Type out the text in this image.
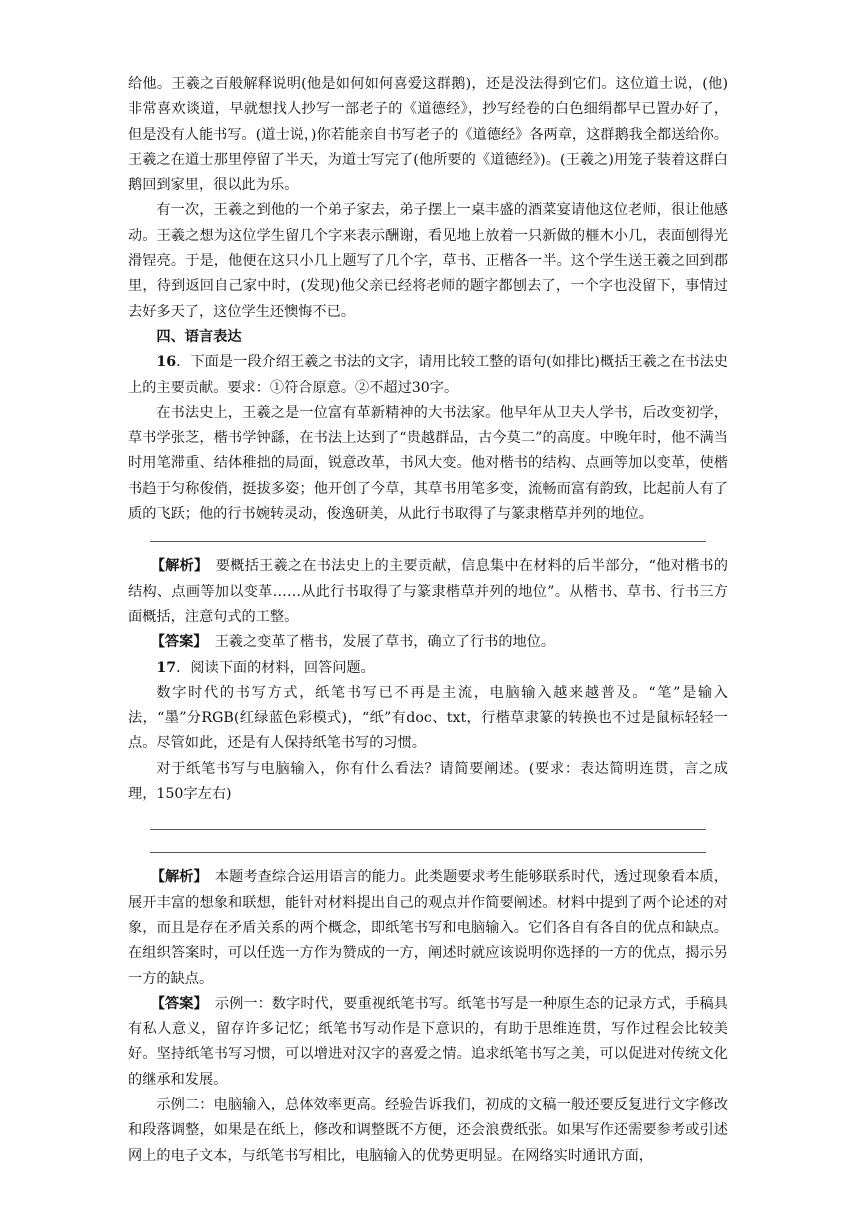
给他。王羲之百般解释说明(他是如何如何喜爱这群鹅)，还是没法得到它们。这位道士说，(他)非常喜欢谈道，早就想找人抄写一部老子的《道德经》，抄写经卷的白色细绢都早已置办好了，但是没有人能书写。(道士说，)你若能亲自书写老子的《道德经》各两章，这群鹅我全都送给你。王羲之在道士那里停留了半天，为道士写完了(他所要的《道德经》)。(王羲之)用笼子装着这群白鹅回到家里，很以此为乐。

有一次，王羲之到他的一个弟子家去，弟子摆上一桌丰盛的酒菜宴请他这位老师，很让他感动。王羲之想为这位学生留几个字来表示酬谢，看见地上放着一只新做的榧木小几，表面刨得光滑锃亮。于是，他便在这只小几上题写了几个字，草书、正楷各一半。这个学生送王羲之回到郡里，待到返回自己家中时，(发现)他父亲已经将老师的题字都刨去了，一个字也没留下，事情过去好多天了，这位学生还懊悔不已。

四、语言表达

16．下面是一段介绍王羲之书法的文字，请用比较工整的语句(如排比)概括王羲之在书法史上的主要贡献。要求：①符合原意。②不超过30字。

在书法史上，王羲之是一位富有革新精神的大书法家。他早年从卫夫人学书，后改变初学，草书学张芝，楷书学钟繇，在书法上达到了“贵越群品，古今莫二”的高度。中晚年时，他不满当时用笔滞重、结体稚拙的局面，锐意改革，书风大变。他对楷书的结构、点画等加以变革，使楷书趋于匀称俊俏，挺拔多姿；他开创了今草，其草书用笔多变，流畅而富有韵致，比起前人有了质的飞跃；他的行书婉转灵动，俊逸研美，从此行书取得了与篆隶楷草并列的地位。

【解析】　要概括王羲之在书法史上的主要贡献，信息集中在材料的后半部分，“他对楷书的结构、点画等加以变革……从此行书取得了与篆隶楷草并列的地位”。从楷书、草书、行书三方面概括，注意句式的工整。

【答案】　王羲之变革了楷书，发展了草书，确立了行书的地位。

17．阅读下面的材料，回答问题。

数字时代的书写方式，纸笔书写已不再是主流，电脑输入越来越普及。“笔”是输入法，“墨”分RGB(红绿蓝色彩模式)，“纸”有doc、txt，行楷草隶篆的转换也不过是鼠标轻轻一点。尽管如此，还是有人保持纸笔书写的习惯。

对于纸笔书写与电脑输入，你有什么看法？请简要阐述。(要求：表达简明连贯，言之成理，150字左右)

【解析】　本题考查综合运用语言的能力。此类题要求考生能够联系时代，透过现象看本质，展开丰富的想象和联想，能针对材料提出自己的观点并作简要阐述。材料中提到了两个论述的对象，而且是存在矛盾关系的两个概念，即纸笔书写和电脑输入。它们各自有各自的优点和缺点。在组织答案时，可以任选一方作为赞成的一方，阐述时就应该说明你选择的一方的优点，揭示另一方的缺点。

【答案】　示例一：数字时代，要重视纸笔书写。纸笔书写是一种原生态的记录方式，手稿具有私人意义，留存许多记忆；纸笔书写动作是下意识的，有助于思维连贯，写作过程会比较美好。坚持纸笔书写习惯，可以增进对汉字的喜爱之情。追求纸笔书写之美，可以促进对传统文化的继承和发展。

示例二：电脑输入，总体效率更高。经验告诉我们，初成的文稿一般还要反复进行文字修改和段落调整，如果是在纸上，修改和调整既不方便，还会浪费纸张。如果写作还需要参考或引述网上的电子文本，与纸笔书写相比，电脑输入的优势更明显。在网络实时通讯方面，
